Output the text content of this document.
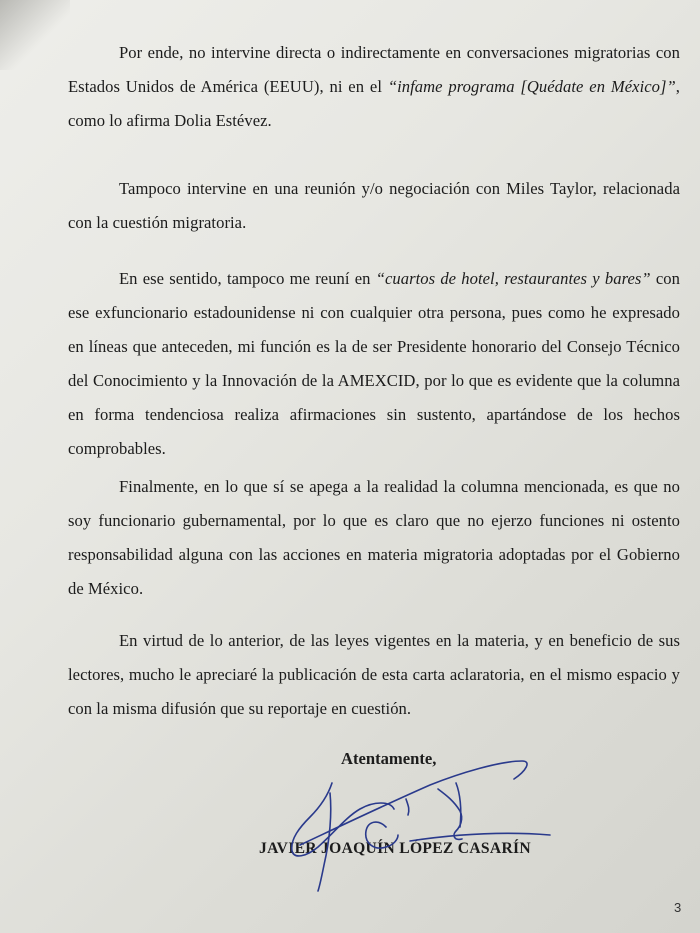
Por ende, no intervine directa o indirectamente en conversaciones migratorias con Estados Unidos de América (EEUU), ni en el “infame programa [Quédate en México]”, como lo afirma Dolia Estévez.

Tampoco intervine en una reunión y/o negociación con Miles Taylor, relacionada con la cuestión migratoria.

En ese sentido, tampoco me reuní en “cuartos de hotel, restaurantes y bares” con ese exfuncionario estadounidense ni con cualquier otra persona, pues como he expresado en líneas que anteceden, mi función es la de ser Presidente honorario del Consejo Técnico del Conocimiento y la Innovación de la AMEXCID, por lo que es evidente que la columna en forma tendenciosa realiza afirmaciones sin sustento, apartándose de los hechos comprobables.

Finalmente, en lo que sí se apega a la realidad la columna mencionada, es que no soy funcionario gubernamental, por lo que es claro que no ejerzo funciones ni ostento responsabilidad alguna con las acciones en materia migratoria adoptadas por el Gobierno de México.

En virtud de lo anterior, de las leyes vigentes en la materia, y en beneficio de sus lectores, mucho le apreciaré la publicación de esta carta aclaratoria, en el mismo espacio y con la misma difusión que su reportaje en cuestión.

Atentamente,

JAVIER JOAQUÍN LÓPEZ CASARÍN

3
